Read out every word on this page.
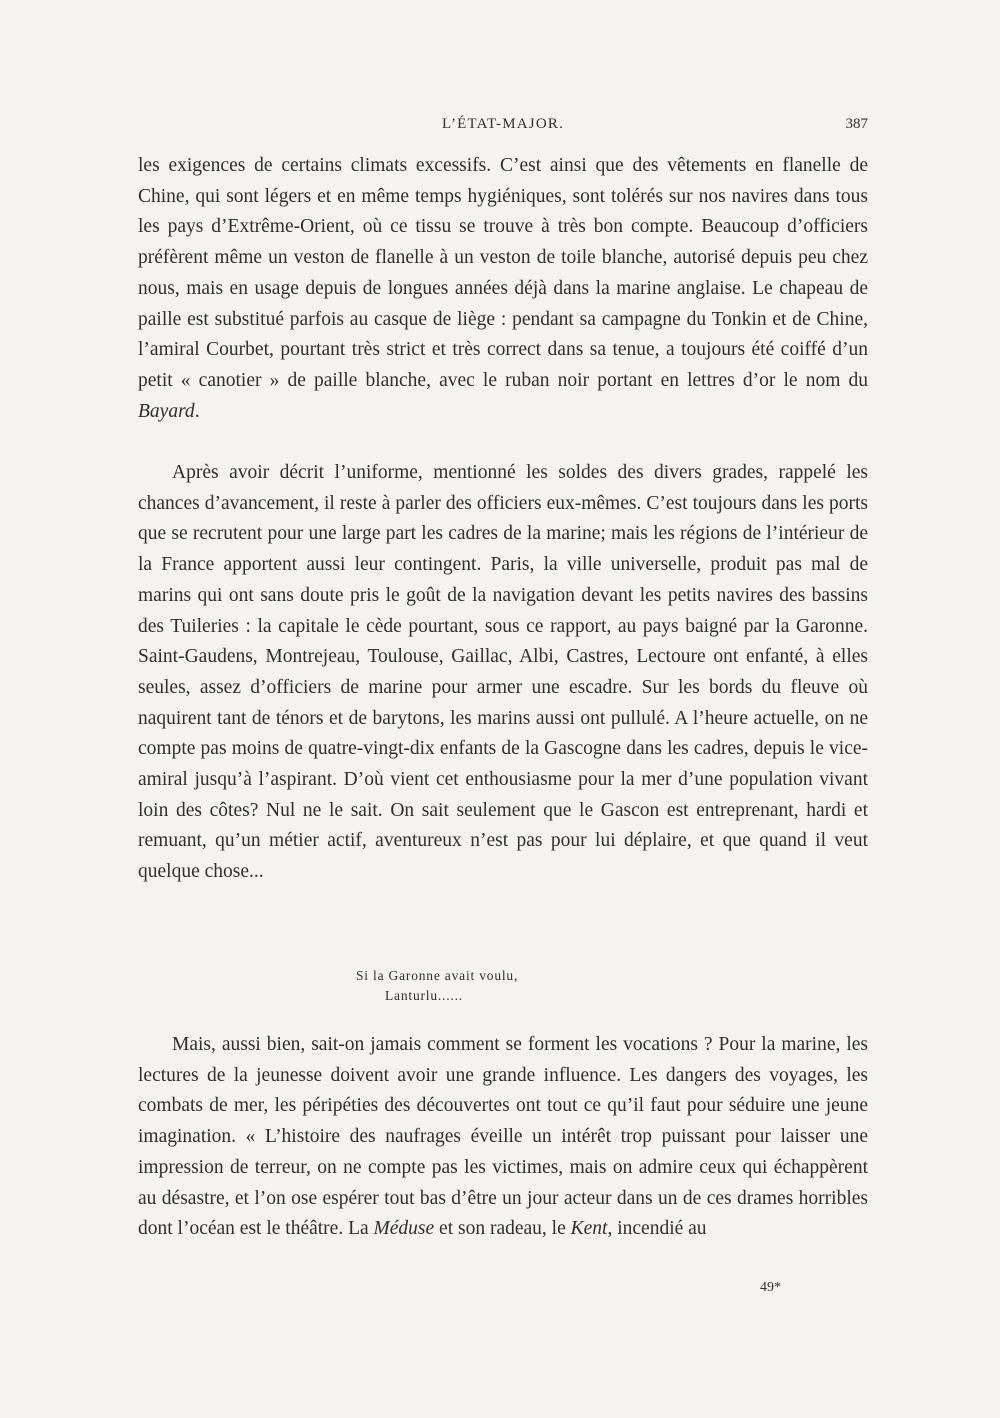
L’ÉTAT-MAJOR.	387

les exigences de certains climats excessifs. C’est ainsi que des vêtements en flanelle de Chine, qui sont légers et en même temps hygiéniques, sont tolérés sur nos navires dans tous les pays d’Extrême-Orient, où ce tissu se trouve à très bon compte. Beaucoup d’officiers préfèrent même un veston de flanelle à un veston de toile blanche, autorisé depuis peu chez nous, mais en usage depuis de longues années déjà dans la marine anglaise. Le chapeau de paille est substitué parfois au casque de liège : pendant sa campagne du Tonkin et de Chine, l’amiral Courbet, pourtant très strict et très correct dans sa tenue, a toujours été coiffé d’un petit « canotier » de paille blanche, avec le ruban noir portant en lettres d’or le nom du Bayard.

Après avoir décrit l’uniforme, mentionné les soldes des divers grades, rappelé les chances d’avancement, il reste à parler des officiers eux-mêmes. C’est toujours dans les ports que se recrutent pour une large part les cadres de la marine; mais les régions de l’intérieur de la France apportent aussi leur contingent. Paris, la ville universelle, produit pas mal de marins qui ont sans doute pris le goût de la navigation devant les petits navires des bassins des Tuileries : la capitale le cède pourtant, sous ce rapport, au pays baigné par la Garonne. Saint-Gaudens, Montrejeau, Toulouse, Gaillac, Albi, Castres, Lectoure ont enfanté, à elles seules, assez d’officiers de marine pour armer une escadre. Sur les bords du fleuve où naquirent tant de ténors et de barytons, les marins aussi ont pullulé. A l’heure actuelle, on ne compte pas moins de quatre-vingt-dix enfants de la Gascogne dans les cadres, depuis le vice-amiral jusqu’à l’aspirant. D’où vient cet enthousiasme pour la mer d’une population vivant loin des côtes? Nul ne le sait. On sait seulement que le Gascon est entreprenant, hardi et remuant, qu’un métier actif, aventureux n’est pas pour lui déplaire, et que quand il veut quelque chose...

Si la Garonne avait voulu,
Lanturlu......

Mais, aussi bien, sait-on jamais comment se forment les vocations ? Pour la marine, les lectures de la jeunesse doivent avoir une grande influence. Les dangers des voyages, les combats de mer, les péripéties des découvertes ont tout ce qu’il faut pour séduire une jeune imagination. « L’histoire des naufrages éveille un intérêt trop puissant pour laisser une impression de terreur, on ne compte pas les victimes, mais on admire ceux qui échappèrent au désastre, et l’on ose espérer tout bas d’être un jour acteur dans un de ces drames horribles dont l’océan est le théâtre. La Méduse et son radeau, le Kent, incendié au

49*
